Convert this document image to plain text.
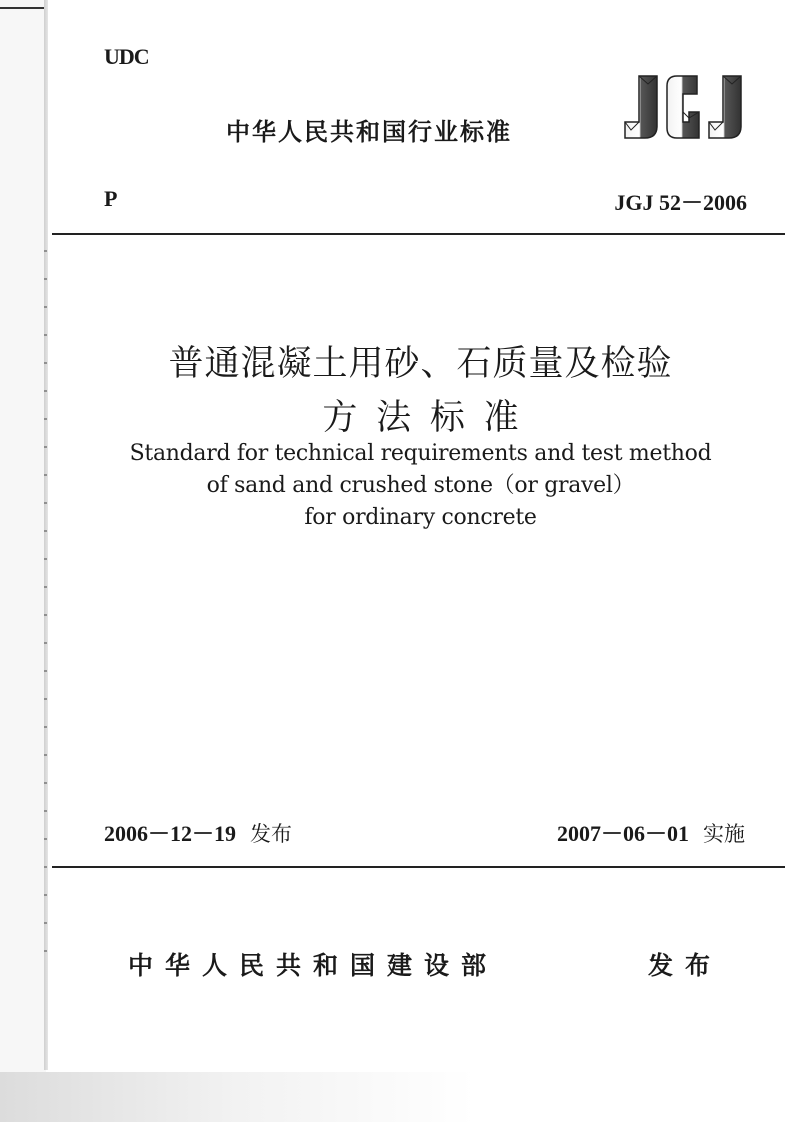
UDC
中华人民共和国行业标准
P	JGJ 52－2006
普通混凝土用砂、石质量及检验
方 法 标 准
Standard for technical requirements and test method
of sand and crushed stone（or gravel）
for ordinary concrete
2006－12－19 发布	2007－06－01 实施
中华人民共和国建设部	发布
